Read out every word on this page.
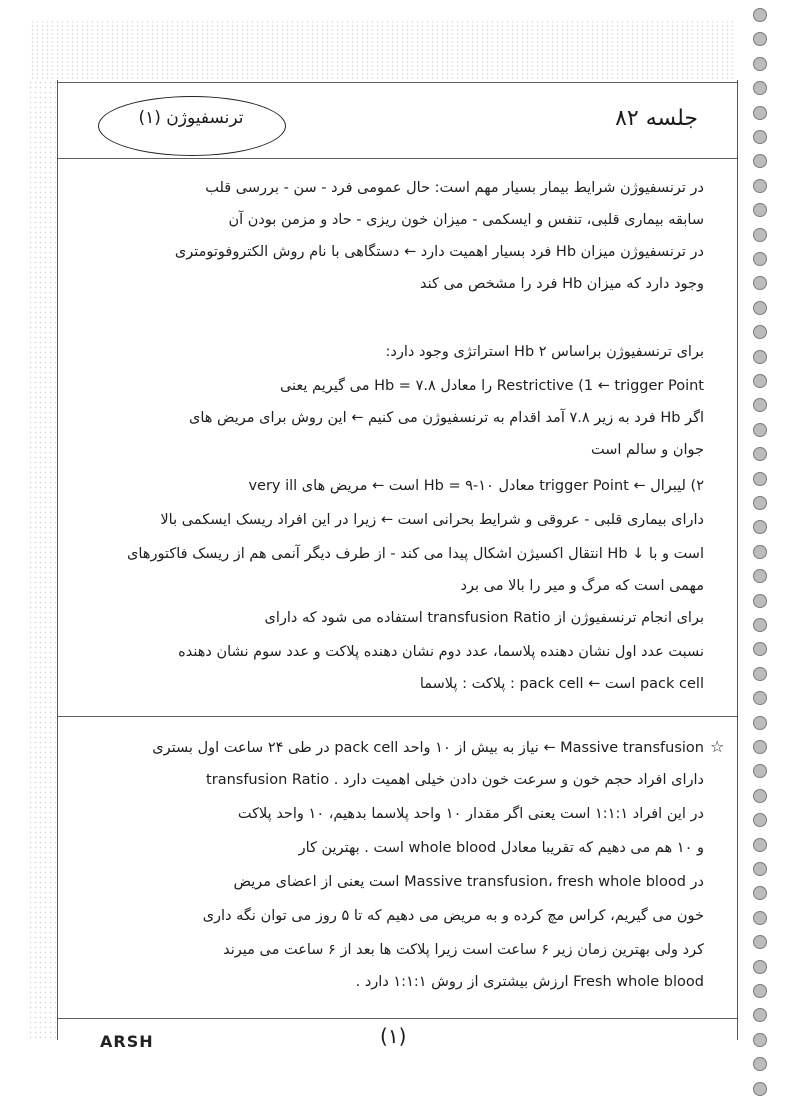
ترنسفیوژن (۱)	جلسه ۸۲
در ترنسفیوژن شرایط بیمار بسیار مهم است: حال عمومی فرد - سن - بررسی قلب
سابقه بیماری قلبی، تنفس و ایسکمی - میزان خون ریزی - حاد و مزمن بودن آن
در ترنسفیوژن میزان Hb فرد بسیار اهمیت دارد ← دستگاهی با نام روش الکتروفوتومتری
وجود دارد که میزان Hb فرد را مشخص می کند
برای ترنسفیوژن براساس Hb ۲ استراتژی وجود دارد:
Restrictive (1 ← trigger Point را معادل Hb = ۷.۸ می گیریم یعنی
اگر Hb فرد به زیر ۷.۸ آمد اقدام به ترنسفیوژن می کنیم ← این روش برای مریض های
جوان و سالم است
۲) لیبرال ← trigger Point معادل Hb = ۹-۱۰ است ← مریض های very ill
دارای بیماری قلبی - عروقی و شرایط بحرانی است ← زیرا در این افراد ریسک ایسکمی بالا
است و با ↓ Hb انتقال اکسیژن اشکال پیدا می کند - از طرف دیگر آنمی هم از ریسک فاکتورهای
مهمی است که مرگ و میر را بالا می برد
برای انجام ترنسفیوژن از transfusion Ratio استفاده می شود که دارای
نسبت عدد اول نشان دهنده پلاسما، عدد دوم نشان دهنده پلاکت و عدد سوم نشان دهنده
pack cell است ← pack cell : پلاکت : پلاسما
☆
Massive transfusion ← نیاز به بیش از ۱۰ واحد pack cell در طی ۲۴ ساعت اول بستری
دارای افراد حجم خون و سرعت خون دادن خیلی اهمیت دارد . transfusion Ratio
در این افراد ۱:۱:۱ است یعنی اگر مقدار ۱۰ واحد پلاسما بدهیم، ۱۰ واحد پلاکت
و ۱۰ هم می دهیم که تقریبا معادل whole blood است . بهترین کار
در Massive transfusion، fresh whole blood است یعنی از اعضای مریض
خون می گیریم، کراس مچ کرده و به مریض می دهیم که تا ۵ روز می توان نگه داری
کرد ولی بهترین زمان زیر ۶ ساعت است زیرا پلاکت ها بعد از ۶ ساعت می میرند
Fresh whole blood ارزش بیشتری از روش ۱:۱:۱ دارد .
ARSH	(۱)
